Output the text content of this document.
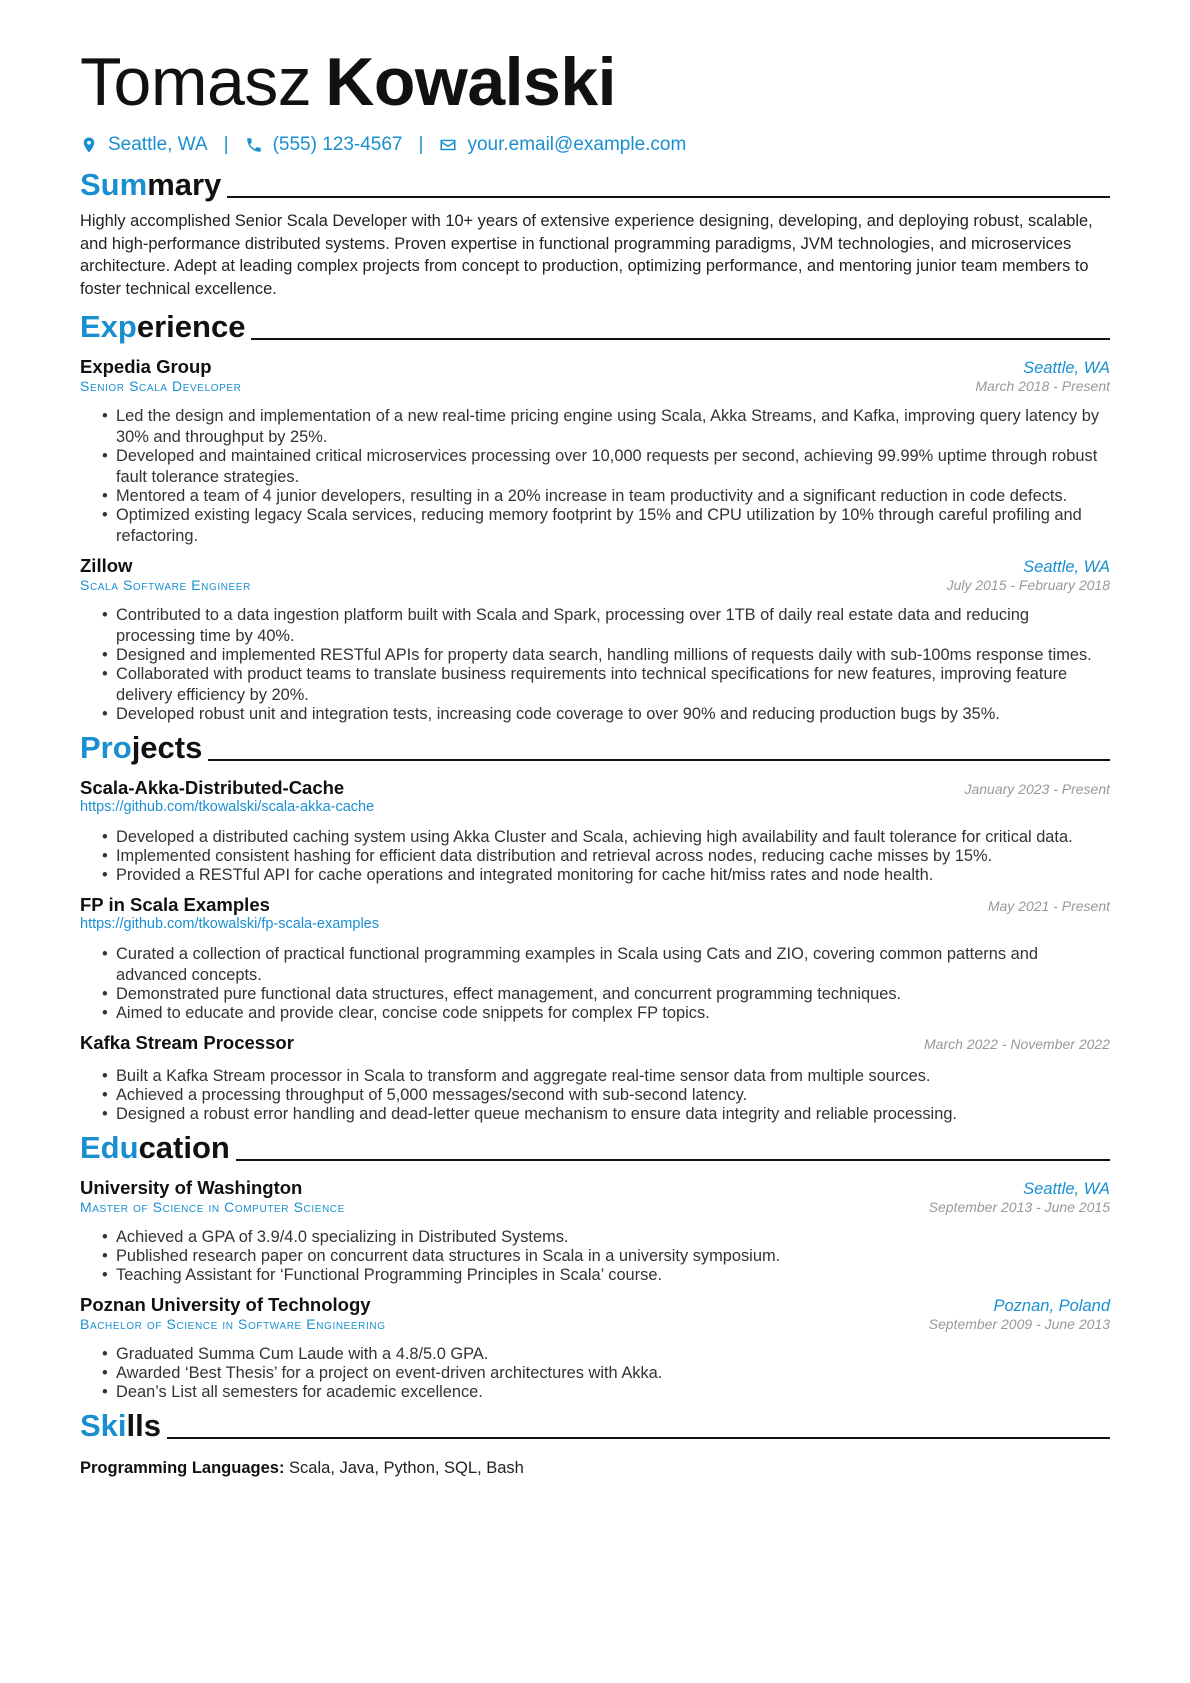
Tomasz Kowalski
Seattle, WA | (555) 123-4567 | your.email@example.com
Summary

Highly accomplished Senior Scala Developer with 10+ years of extensive experience designing, developing, and deploying robust, scalable, and high-performance distributed systems. Proven expertise in functional programming paradigms, JVM technologies, and microservices architecture. Adept at leading complex projects from concept to production, optimizing performance, and mentoring junior team members to foster technical excellence.

Experience
Expedia Group	Seattle, WA
Senior Scala Developer	March 2018 - Present
• Led the design and implementation of a new real-time pricing engine using Scala, Akka Streams, and Kafka, improving query latency by 30% and throughput by 25%.
• Developed and maintained critical microservices processing over 10,000 requests per second, achieving 99.99% uptime through robust fault tolerance strategies.
• Mentored a team of 4 junior developers, resulting in a 20% increase in team productivity and a significant reduction in code defects.
• Optimized existing legacy Scala services, reducing memory footprint by 15% and CPU utilization by 10% through careful profiling and refactoring.
Zillow	Seattle, WA
Scala Software Engineer	July 2015 - February 2018
• Contributed to a data ingestion platform built with Scala and Spark, processing over 1TB of daily real estate data and reducing processing time by 40%.
• Designed and implemented RESTful APIs for property data search, handling millions of requests daily with sub-100ms response times.
• Collaborated with product teams to translate business requirements into technical specifications for new features, improving feature delivery efficiency by 20%.
• Developed robust unit and integration tests, increasing code coverage to over 90% and reducing production bugs by 35%.
Projects
Scala-Akka-Distributed-Cache	January 2023 - Present
https://github.com/tkowalski/scala-akka-cache
• Developed a distributed caching system using Akka Cluster and Scala, achieving high availability and fault tolerance for critical data.
• Implemented consistent hashing for efficient data distribution and retrieval across nodes, reducing cache misses by 15%.
• Provided a RESTful API for cache operations and integrated monitoring for cache hit/miss rates and node health.
FP in Scala Examples	May 2021 - Present
https://github.com/tkowalski/fp-scala-examples
• Curated a collection of practical functional programming examples in Scala using Cats and ZIO, covering common patterns and advanced concepts.
• Demonstrated pure functional data structures, effect management, and concurrent programming techniques.
• Aimed to educate and provide clear, concise code snippets for complex FP topics.
Kafka Stream Processor	March 2022 - November 2022
• Built a Kafka Stream processor in Scala to transform and aggregate real-time sensor data from multiple sources.
• Achieved a processing throughput of 5,000 messages/second with sub-second latency.
• Designed a robust error handling and dead-letter queue mechanism to ensure data integrity and reliable processing.
Education
University of Washington	Seattle, WA
Master of Science in Computer Science	September 2013 - June 2015
• Achieved a GPA of 3.9/4.0 specializing in Distributed Systems.
• Published research paper on concurrent data structures in Scala in a university symposium.
• Teaching Assistant for ‘Functional Programming Principles in Scala’ course.
Poznan University of Technology	Poznan, Poland
Bachelor of Science in Software Engineering	September 2009 - June 2013
• Graduated Summa Cum Laude with a 4.8/5.0 GPA.
• Awarded ‘Best Thesis’ for a project on event-driven architectures with Akka.
• Dean’s List all semesters for academic excellence.
Skills
Programming Languages: Scala, Java, Python, SQL, Bash
